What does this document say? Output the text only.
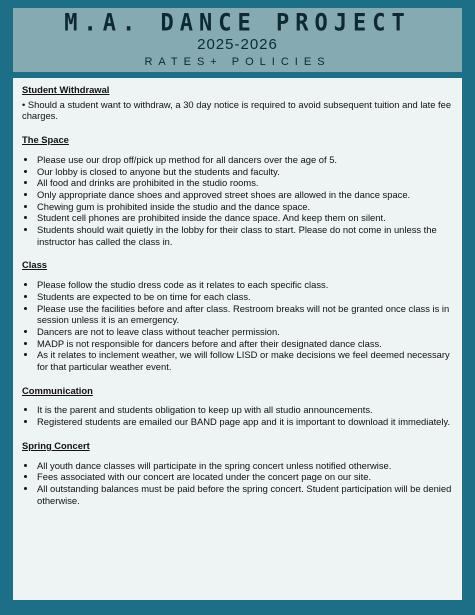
M.A. DANCE PROJECT
2025-2026
RATES+ POLICIES

Student Withdrawal

• Should a student want to withdraw, a 30 day notice is required to avoid subsequent tuition and late fee charges.

The Space

• Please use our drop off/pick up method for all dancers over the age of 5.
• Our lobby is closed to anyone but the students and faculty.
• All food and drinks are prohibited in the studio rooms.
• Only appropriate dance shoes and approved street shoes are allowed in the dance space.
• Chewing gum is prohibited inside the studio and the dance space.
• Student cell phones are prohibited inside the dance space. And keep them on silent.
• Students should wait quietly in the lobby for their class to start. Please do not come in unless the instructor has called the class in.

Class

• Please follow the studio dress code as it relates to each specific class.
• Students are expected to be on time for each class.
• Please use the facilities before and after class. Restroom breaks will not be granted once class is in session unless it is an emergency.
• Dancers are not to leave class without teacher permission.
• MADP is not responsible for dancers before and after their designated dance class.
• As it relates to inclement weather, we will follow LISD or make decisions we feel deemed necessary for that particular weather event.

Communication

• It is the parent and students obligation to keep up with all studio announcements.
• Registered students are emailed our BAND page app and it is important to download it immediately.

Spring Concert

• All youth dance classes will participate in the spring concert unless notified otherwise.
• Fees associated with our concert are located under the concert page on our site.
• All outstanding balances must be paid before the spring concert. Student participation will be denied otherwise.
